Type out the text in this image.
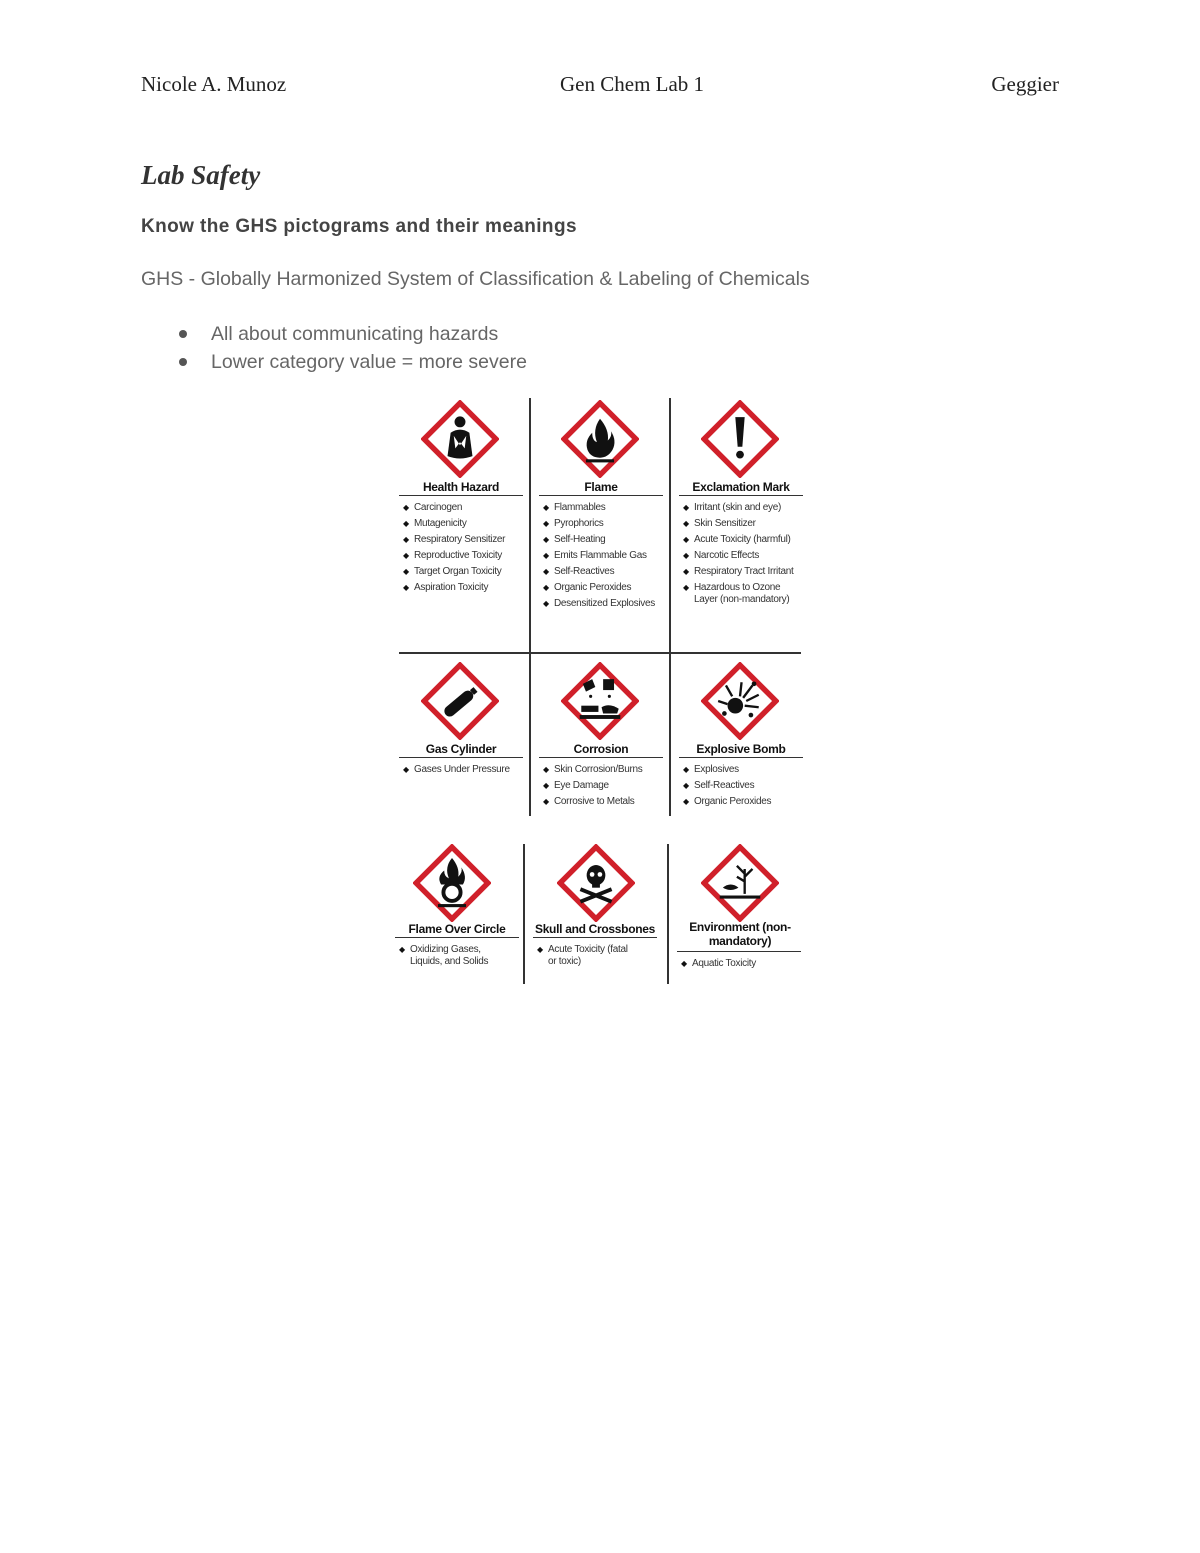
Nicole A. Munoz	Gen Chem Lab 1	Geggier
Lab Safety
Know the GHS pictograms and their meanings
GHS - Globally Harmonized System of Classification & Labeling of Chemicals
All about communicating hazards
Lower category value = more severe
Health Hazard
◆ Carcinogen
◆ Mutagenicity
◆ Respiratory Sensitizer
◆ Reproductive Toxicity
◆ Target Organ Toxicity
◆ Aspiration Toxicity
Flame
◆ Flammables
◆ Pyrophorics
◆ Self-Heating
◆ Emits Flammable Gas
◆ Self-Reactives
◆ Organic Peroxides
◆ Desensitized Explosives
Exclamation Mark
◆ Irritant (skin and eye)
◆ Skin Sensitizer
◆ Acute Toxicity (harmful)
◆ Narcotic Effects
◆ Respiratory Tract Irritant
◆ Hazardous to Ozone Layer (non-mandatory)
Gas Cylinder
◆ Gases Under Pressure
Corrosion
◆ Skin Corrosion/Burns
◆ Eye Damage
◆ Corrosive to Metals
Explosive Bomb
◆ Explosives
◆ Self-Reactives
◆ Organic Peroxides
Flame Over Circle
◆ Oxidizing Gases, Liquids, and Solids
Skull and Crossbones
◆ Acute Toxicity (fatal or toxic)
Environment (non-mandatory)
◆ Aquatic Toxicity
